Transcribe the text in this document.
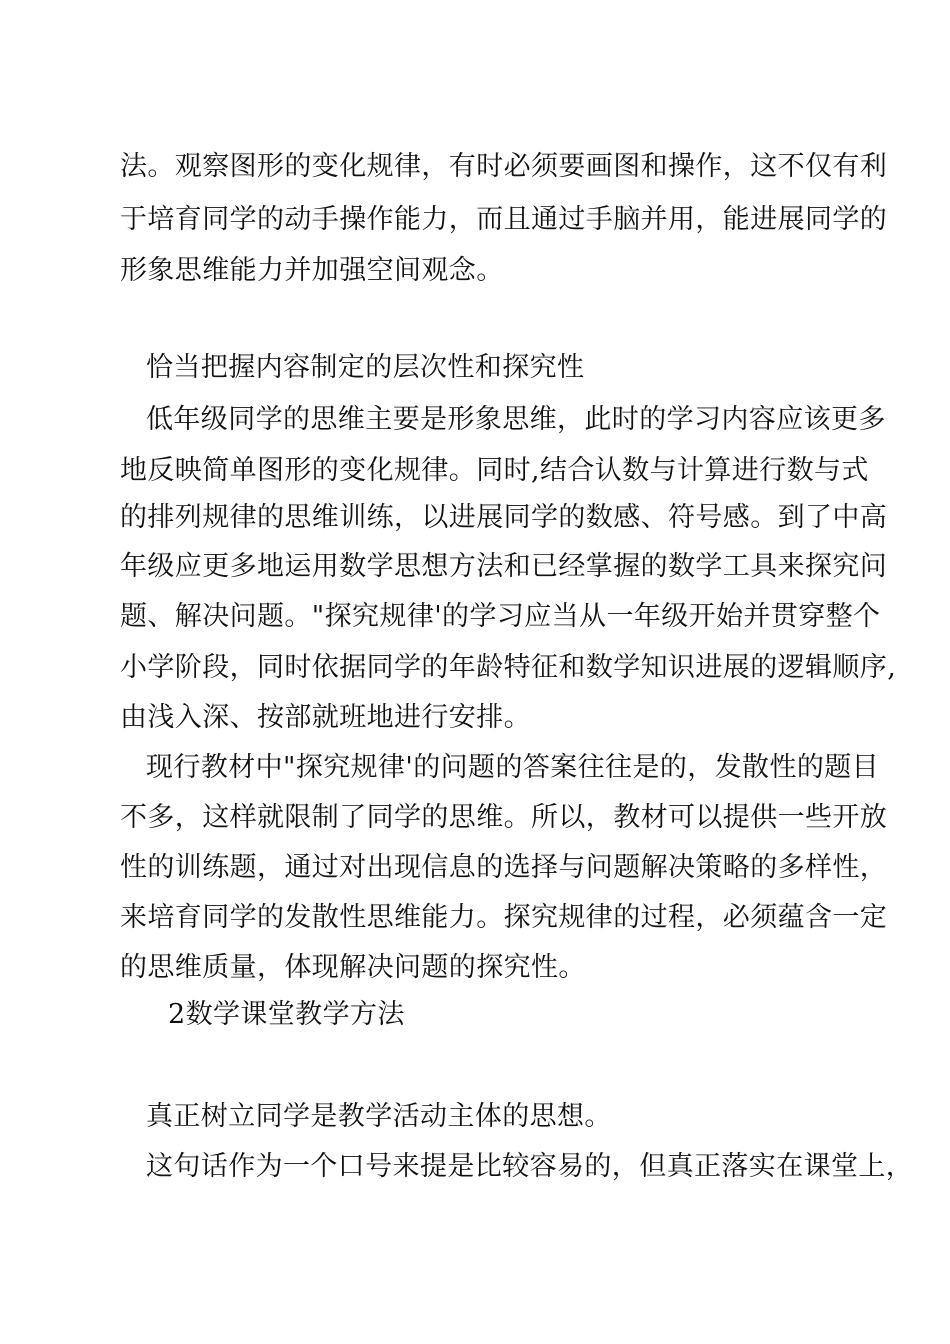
法。观察图形的变化规律，有时必须要画图和操作，这不仅有利
于培育同学的动手操作能力，而且通过手脑并用，能进展同学的
形象思维能力并加强空间观念。
恰当把握内容制定的层次性和探究性
低年级同学的思维主要是形象思维，此时的学习内容应该更多
地反映简单图形的变化规律。同时,结合认数与计算进行数与式
的排列规律的思维训练，以进展同学的数感、符号感。到了中高
年级应更多地运用数学思想方法和已经掌握的数学工具来探究问
题、解决问题。"探究规律'的学习应当从一年级开始并贯穿整个
小学阶段，同时依据同学的年龄特征和数学知识进展的逻辑顺序,
由浅入深、按部就班地进行安排。
现行教材中"探究规律'的问题的答案往往是的，发散性的题目
不多，这样就限制了同学的思维。所以，教材可以提供一些开放
性的训练题，通过对出现信息的选择与问题解决策略的多样性，
来培育同学的发散性思维能力。探究规律的过程，必须蕴含一定
的思维质量，体现解决问题的探究性。
2数学课堂教学方法
真正树立同学是教学活动主体的思想。
这句话作为一个口号来提是比较容易的，但真正落实在课堂上，
